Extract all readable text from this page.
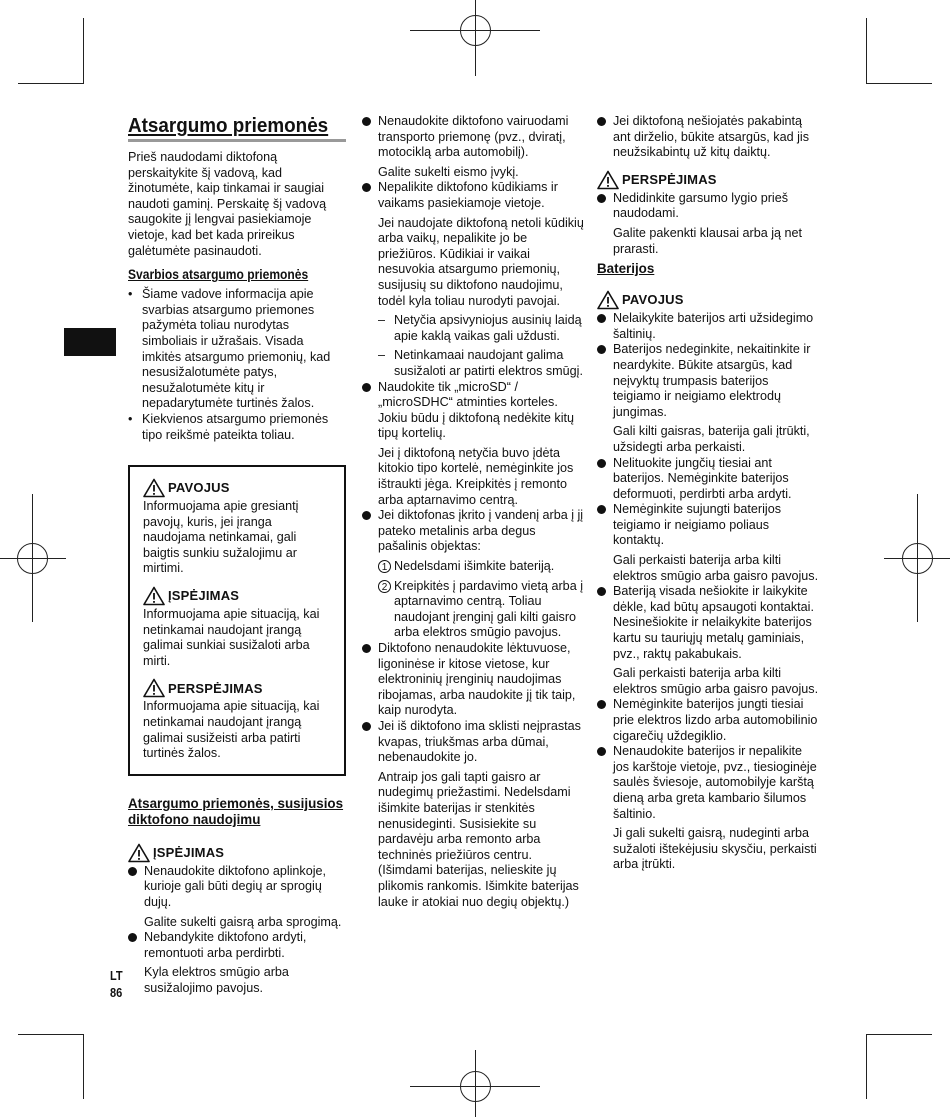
Atsargumo priemonės

Prieš naudodami diktofoną perskaitykite šį vadovą, kad žinotumėte, kaip tinkamai ir saugiai naudoti gaminį. Perskaitę šį vadovą saugokite jį lengvai pasiekiamoje vietoje, kad bet kada prireikus galėtumėte pasinaudoti.

Svarbios atsargumo priemonės

• Šiame vadove informacija apie svarbias atsargumo priemones pažymėta toliau nurodytas simboliais ir užrašais. Visada imkitės atsargumo priemonių, kad nesusižalotumėte patys, nesužalotumėte kitų ir nepadarytumėte turtinės žalos.

• Kiekvienos atsargumo priemonės tipo reikšmė pateikta toliau.

PAVOJUS

Informuojama apie gresiantį pavojų, kuris, jei įranga naudojama netinkamai, gali baigtis sunkiu sužalojimu ar mirtimi.

ĮSPĖJIMAS

Informuojama apie situaciją, kai netinkamai naudojant įrangą galimai sunkiai susižaloti arba mirti.

PERSPĖJIMAS

Informuojama apie situaciją, kai netinkamai naudojant įrangą galimai susižeisti arba patirti turtinės žalos.

Atsargumo priemonės, susijusios diktofono naudojimu
ĮSPĖJIMAS

Nenaudokite diktofono aplinkoje, kurioje gali būti degių ar sprogių dujų.

Galite sukelti gaisrą arba sprogimą.

Nebandykite diktofono ardyti, remontuoti arba perdirbti.

Kyla elektros smūgio arba susižalojimo pavojus.

Nenaudokite diktofono vairuodami transporto priemonę (pvz., dviratį, motociklą arba automobilį).

Galite sukelti eismo įvykį.

Nepalikite diktofono kūdikiams ir vaikams pasiekiamoje vietoje.

Jei naudojate diktofoną netoli kūdikių arba vaikų, nepalikite jo be priežiūros. Kūdikiai ir vaikai nesuvokia atsargumo priemonių, susijusių su diktofono naudojimu, todėl kyla toliau nurodyti pavojai.

– Netyčia apsivyniojus ausinių laidą apie kaklą vaikas gali uždusti.

– Netinkamaai naudojant galima susižaloti ar patirti elektros smūgį.

Naudokite tik „microSD“ / „microSDHC“ atminties korteles. Jokiu būdu į diktofoną nedėkite kitų tipų kortelių.

Jei į diktofoną netyčia buvo įdėta kitokio tipo kortelė, nemėginkite jos ištraukti jėga. Kreipkitės į remonto arba aptarnavimo centrą.

Jei diktofonas įkrito į vandenį arba į jį pateko metalinis arba degus pašalinis objektas:

1 Nedelsdami išimkite bateriją.
2 Kreipkitės į pardavimo vietą arba į aptarnavimo centrą. Toliau naudojant įrenginį gali kilti gaisro arba elektros smūgio pavojus.

Diktofono nenaudokite lėktuvuose, ligoninėse ir kitose vietose, kur elektroninių įrenginių naudojimas ribojamas, arba naudokite jį tik taip, kaip nurodyta.

Jei iš diktofono ima sklisti neįprastas kvapas, triukšmas arba dūmai, nebenaudokite jo.

Antraip jos gali tapti gaisro ar nudegimų priežastimi. Nedelsdami išimkite baterijas ir stenkitės nenusideginti. Susisiekite su pardavėju arba remonto arba techninės priežiūros centru. (Išimdami baterijas, nelieskite jų plikomis rankomis. Išimkite baterijas lauke ir atokiai nuo degių objektų.)

Jei diktofoną nešiojatės pakabintą ant dirželio, būkite atsargūs, kad jis neužsikabintų už kitų daiktų.

PERSPĖJIMAS

Nedidinkite garsumo lygio prieš naudodami.

Galite pakenkti klausai arba ją net prarasti.

Baterijos
PAVOJUS

Nelaikykite baterijos arti užsidegimo šaltinių.

Baterijos nedeginkite, nekaitinkite ir neardykite. Būkite atsargūs, kad neįvyktų trumpasis baterijos teigiamo ir neigiamo elektrodų jungimas.

Gali kilti gaisras, baterija gali įtrūkti, užsidegti arba perkaisti.

Nelituokite jungčių tiesiai ant baterijos. Nemėginkite baterijos deformuoti, perdirbti arba ardyti.

Nemėginkite sujungti baterijos teigiamo ir neigiamo poliaus kontaktų.

Gali perkaisti baterija arba kilti elektros smūgio arba gaisro pavojus.

Bateriją visada nešiokite ir laikykite dėkle, kad būtų apsaugoti kontaktai. Nesinešiokite ir nelaikykite baterijos kartu su tauriųjų metalų gaminiais, pvz., raktų pakabukais.

Gali perkaisti baterija arba kilti elektros smūgio arba gaisro pavojus.

Nemėginkite baterijos jungti tiesiai prie elektros lizdo arba automobilinio cigarečių uždegiklio.

Nenaudokite baterijos ir nepalikite jos karštoje vietoje, pvz., tiesioginėje saulės šviesoje, automobilyje karštą dieną arba greta kambario šilumos šaltinio.

Ji gali sukelti gaisrą, nudeginti arba sužaloti ištekėjusiu skysčiu, perkaisti arba įtrūkti.

LT
86
